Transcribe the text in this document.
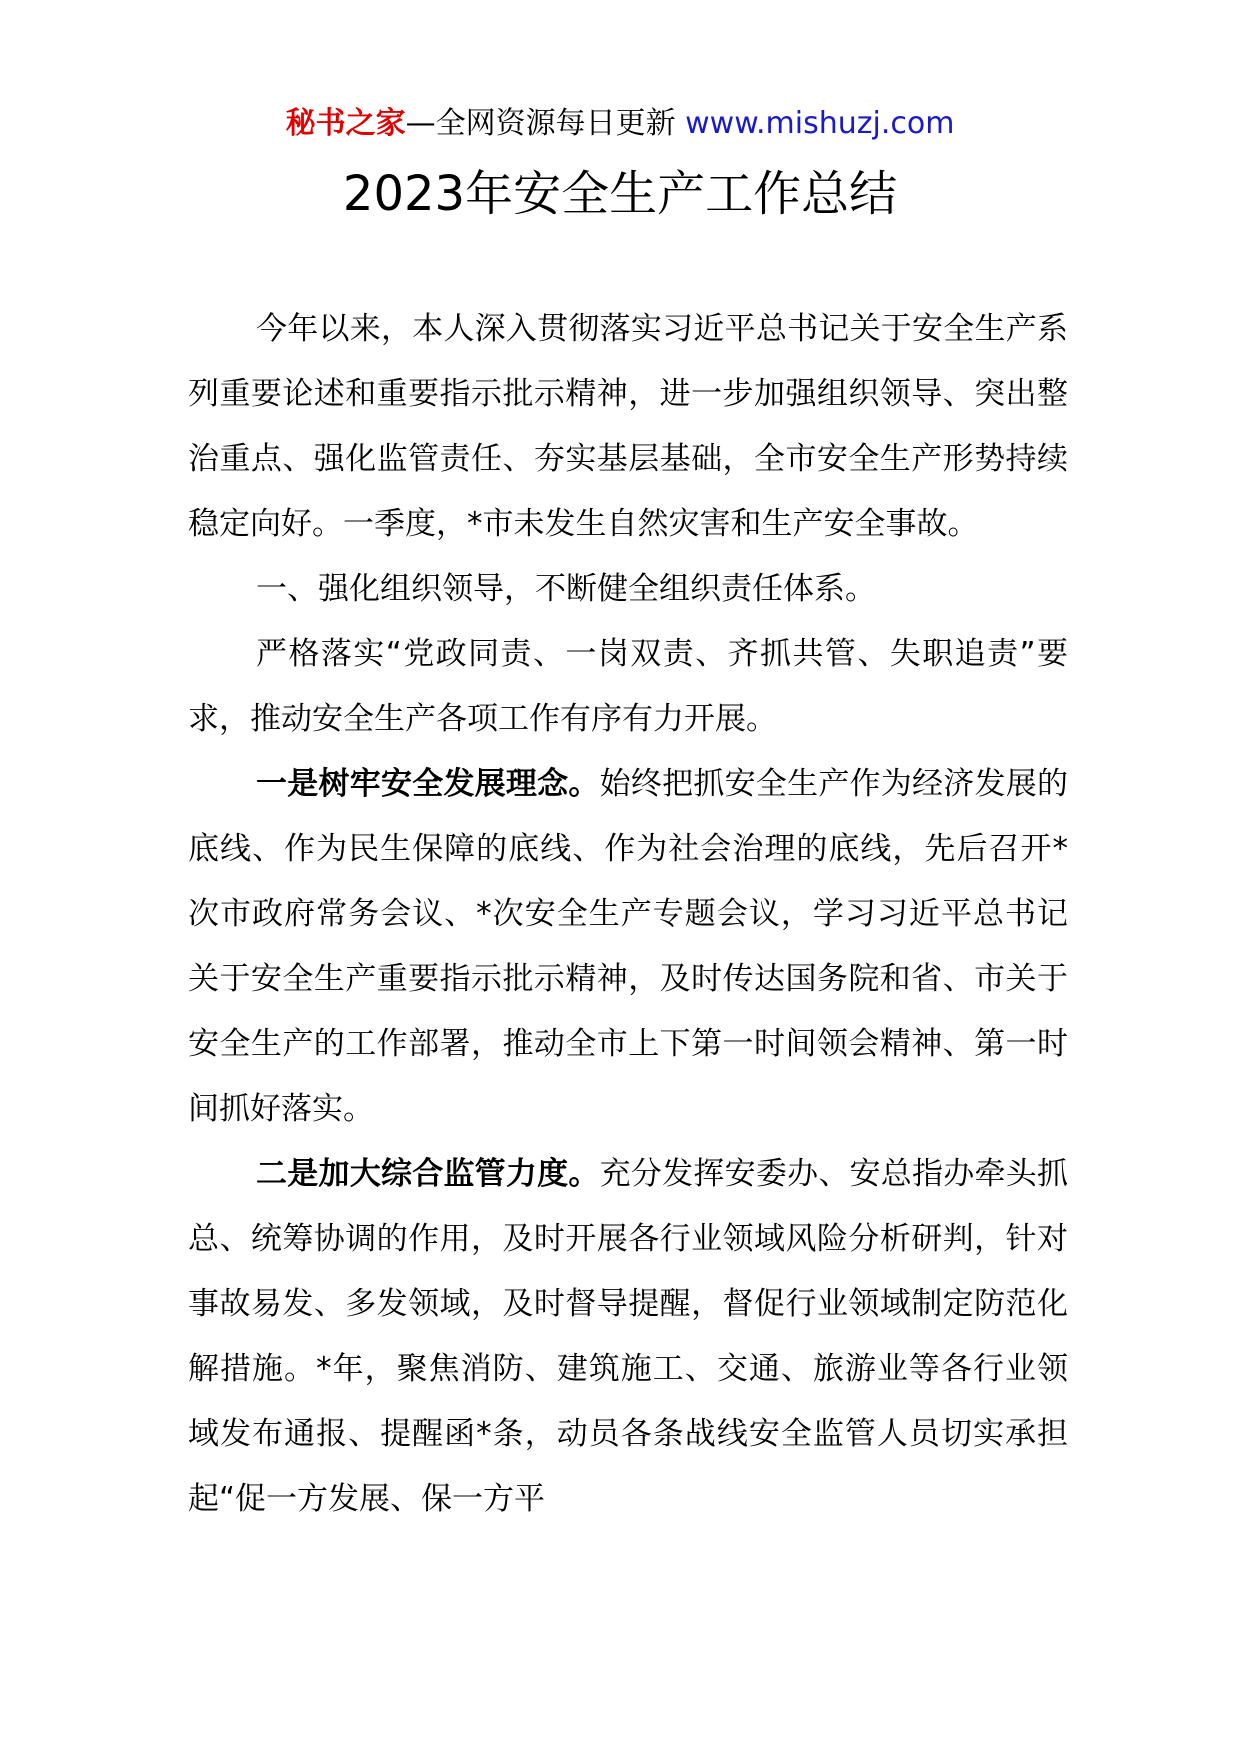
秘书之家—全网资源每日更新 www.mishuzj.com
2023年安全生产工作总结

今年以来，本人深入贯彻落实习近平总书记关于安全生产系列重要论述和重要指示批示精神，进一步加强组织领导、突出整治重点、强化监管责任、夯实基层基础，全市安全生产形势持续稳定向好。一季度，*市未发生自然灾害和生产安全事故。

一、强化组织领导，不断健全组织责任体系。

严格落实“党政同责、一岗双责、齐抓共管、失职追责”要求，推动安全生产各项工作有序有力开展。

一是树牢安全发展理念。始终把抓安全生产作为经济发展的底线、作为民生保障的底线、作为社会治理的底线，先后召开*次市政府常务会议、*次安全生产专题会议，学习习近平总书记关于安全生产重要指示批示精神，及时传达国务院和省、市关于安全生产的工作部署，推动全市上下第一时间领会精神、第一时间抓好落实。

二是加大综合监管力度。充分发挥安委办、安总指办牵头抓总、统筹协调的作用，及时开展各行业领域风险分析研判，针对事故易发、多发领域，及时督导提醒，督促行业领域制定防范化解措施。*年，聚焦消防、建筑施工、交通、旅游业等各行业领域发布通报、提醒函*条，动员各条战线安全监管人员切实承担起“促一方发展、保一方平
